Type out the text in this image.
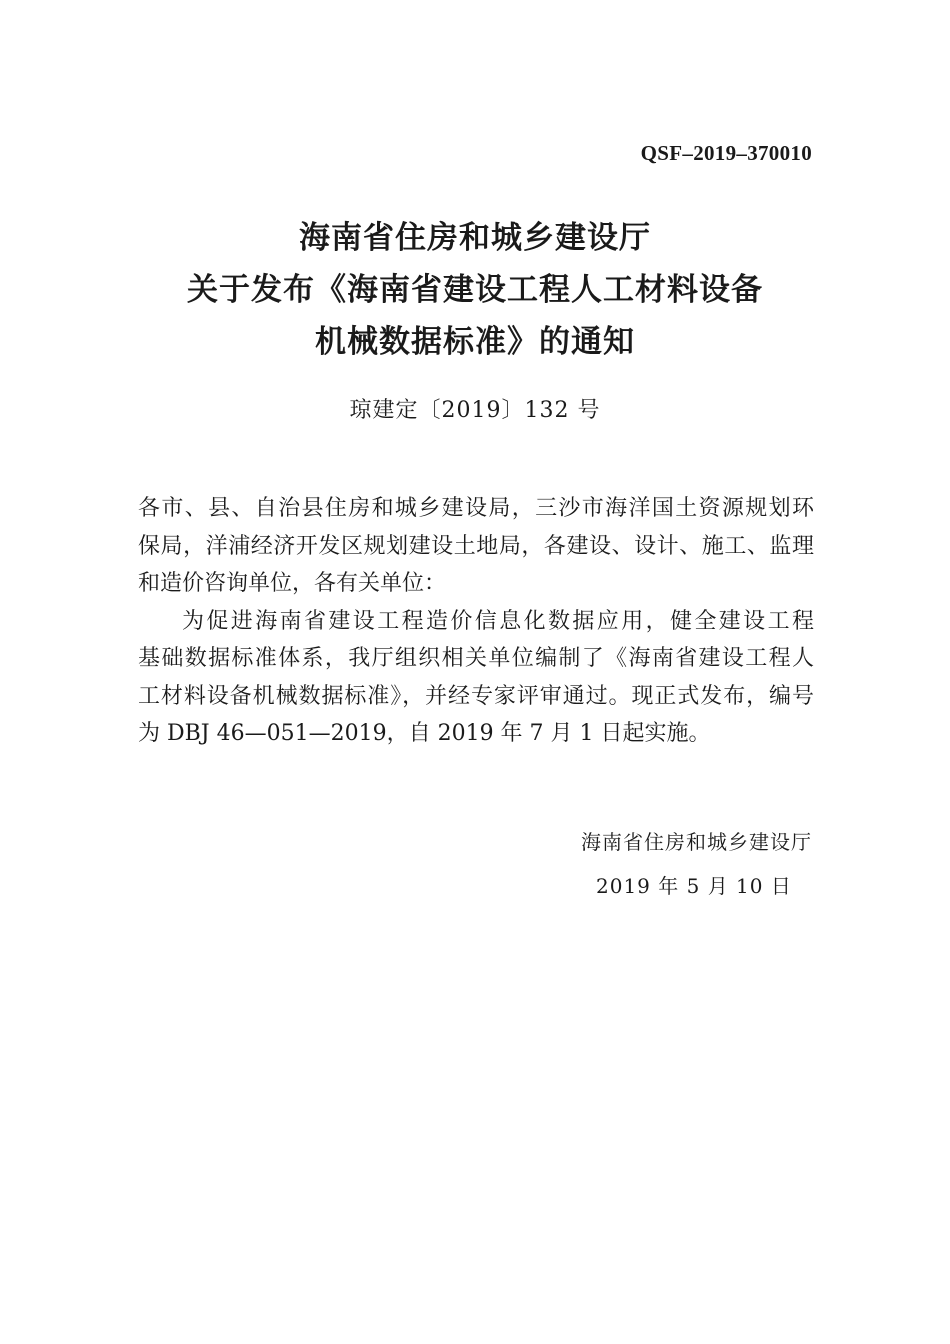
QSF–2019–370010
海南省住房和城乡建设厅
关于发布《海南省建设工程人工材料设备
机械数据标准》的通知
琼建定〔2019〕132 号
各市、县、自治县住房和城乡建设局，三沙市海洋国土资源规划环
保局，洋浦经济开发区规划建设土地局，各建设、设计、施工、监理
和造价咨询单位，各有关单位：
为促进海南省建设工程造价信息化数据应用，健全建设工程
基础数据标准体系，我厅组织相关单位编制了《海南省建设工程人
工材料设备机械数据标准》，并经专家评审通过。现正式发布，编号
为 DBJ 46—051—2019，自 2019 年 7 月 1 日起实施。
海南省住房和城乡建设厅
2019 年 5 月 10 日
